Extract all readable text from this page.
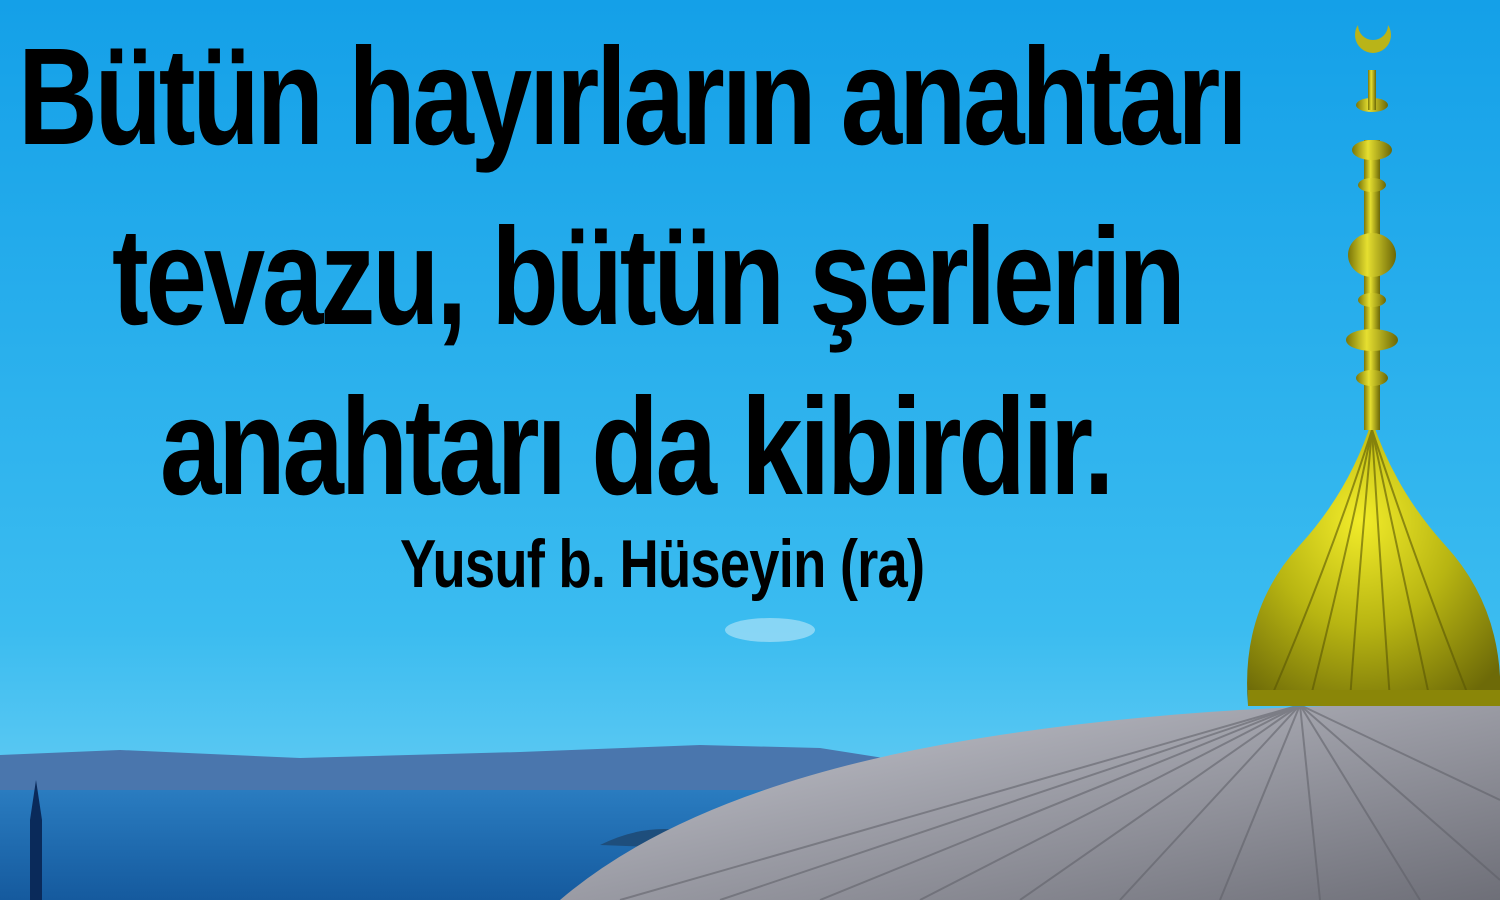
Bütün hayırların anahtarı
tevazu, bütün şerlerin
anahtarı da kibirdir.
Yusuf b. Hüseyin (ra)
